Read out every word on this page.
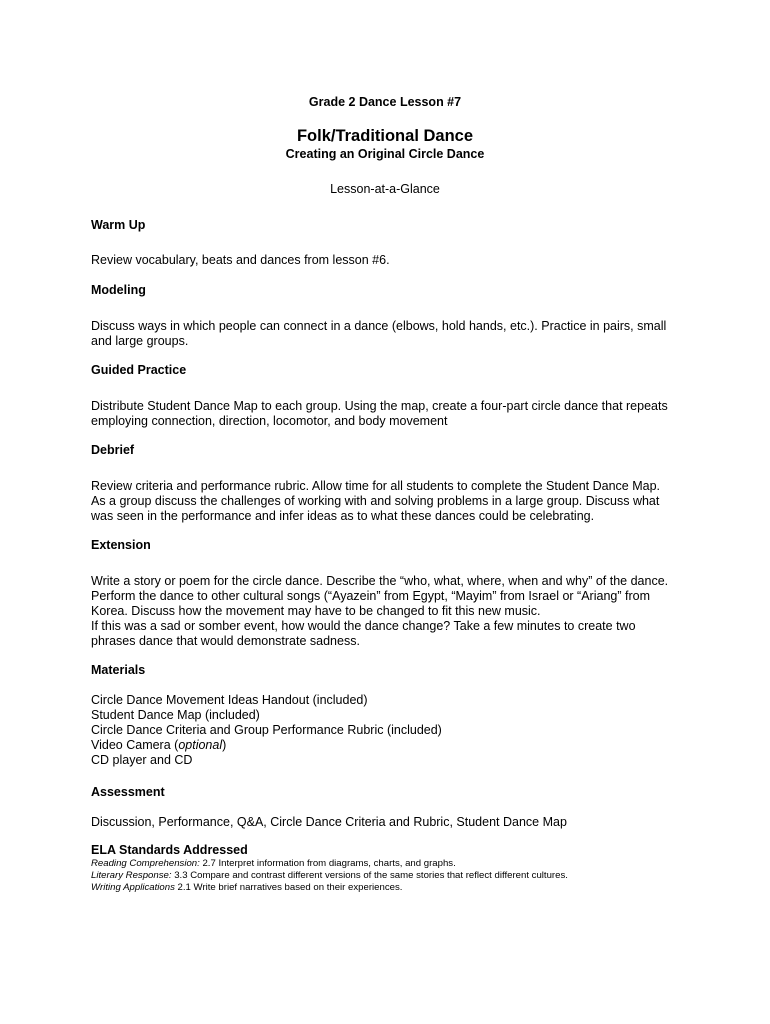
Grade 2 Dance Lesson #7
Folk/Traditional Dance
Creating an Original Circle Dance
Lesson-at-a-Glance
Warm Up
Review vocabulary, beats and dances from lesson #6.
Modeling
Discuss ways in which people can connect in a dance (elbows, hold hands, etc.). Practice in pairs, small
and large groups.
Guided Practice
Distribute Student Dance Map to each group. Using the map, create a four-part circle dance that repeats
employing connection, direction, locomotor, and body movement
Debrief
Review criteria and performance rubric. Allow time for all students to complete the Student Dance Map.
As a group discuss the challenges of working with and solving problems in a large group. Discuss what
was seen in the performance and infer ideas as to what these dances could be celebrating.
Extension
Write a story or poem for the circle dance. Describe the “who, what, where, when and why” of the dance.
Perform the dance to other cultural songs (“Ayazein” from Egypt, “Mayim” from Israel or “Ariang” from
Korea. Discuss how the movement may have to be changed to fit this new music.
If this was a sad or somber event, how would the dance change? Take a few minutes to create two
phrases dance that would demonstrate sadness.
Materials
Circle Dance Movement Ideas Handout (included)
Student Dance Map (included)
Circle Dance Criteria and Group Performance Rubric (included)
Video Camera (optional)
CD player and CD
Assessment
Discussion, Performance, Q&A, Circle Dance Criteria and Rubric, Student Dance Map
ELA Standards Addressed
Reading Comprehension: 2.7 Interpret information from diagrams, charts, and graphs.
Literary Response: 3.3 Compare and contrast different versions of the same stories that reflect different cultures.
Writing Applications 2.1 Write brief narratives based on their experiences.
